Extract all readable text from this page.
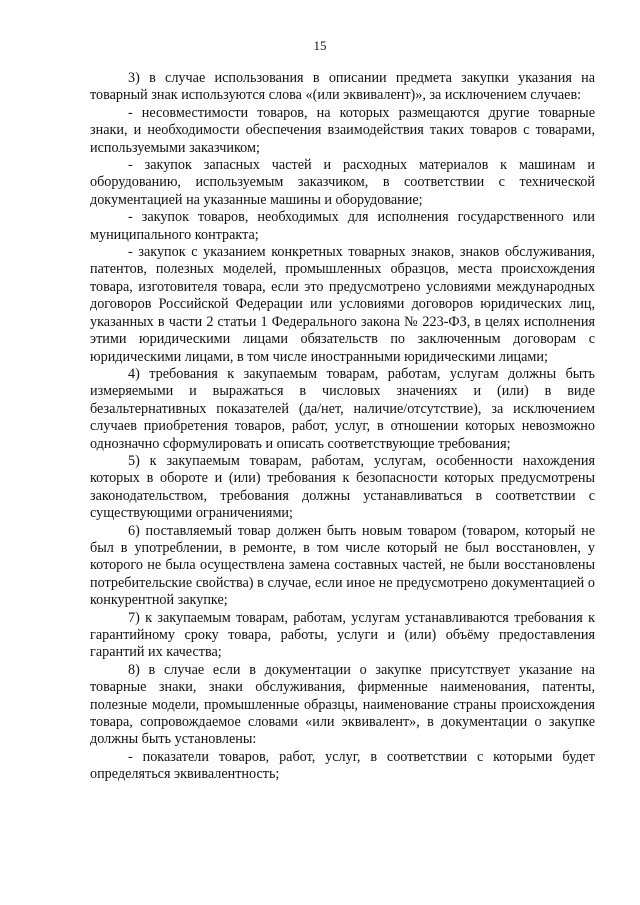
15

3) в случае использования в описании предмета закупки указания на товарный знак используются слова «(или эквивалент)», за исключением случаев:

- несовместимости товаров, на которых размещаются другие товарные знаки, и необходимости обеспечения взаимодействия таких товаров с товарами, используемыми заказчиком;

- закупок запасных частей и расходных материалов к машинам и оборудованию, используемым заказчиком, в соответствии с технической документацией на указанные машины и оборудование;

- закупок товаров, необходимых для исполнения государственного или муниципального контракта;

- закупок с указанием конкретных товарных знаков, знаков обслуживания, патентов, полезных моделей, промышленных образцов, места происхождения товара, изготовителя товара, если это предусмотрено условиями международных договоров Российской Федерации или условиями договоров юридических лиц, указанных в части 2 статьи 1 Федерального закона № 223-ФЗ, в целях исполнения этими юридическими лицами обязательств по заключенным договорам с юридическими лицами, в том числе иностранными юридическими лицами;

4) требования к закупаемым товарам, работам, услугам должны быть измеряемыми и выражаться в числовых значениях и (или) в виде безальтернативных показателей (да/нет, наличие/отсутствие), за исключением случаев приобретения товаров, работ, услуг, в отношении которых невозможно однозначно сформулировать и описать соответствующие требования;

5) к закупаемым товарам, работам, услугам, особенности нахождения которых в обороте и (или) требования к безопасности которых предусмотрены законодательством, требования должны устанавливаться в соответствии с существующими ограничениями;

6) поставляемый товар должен быть новым товаром (товаром, который не был в употреблении, в ремонте, в том числе который не был восстановлен, у которого не была осуществлена замена составных частей, не были восстановлены потребительские свойства) в случае, если иное не предусмотрено документацией о конкурентной закупке;

7) к закупаемым товарам, работам, услугам устанавливаются требования к гарантийному сроку товара, работы, услуги и (или) объёму предоставления гарантий их качества;

8) в случае если в документации о закупке присутствует указание на товарные знаки, знаки обслуживания, фирменные наименования, патенты, полезные модели, промышленные образцы, наименование страны происхождения товара, сопровождаемое словами «или эквивалент», в документации о закупке должны быть установлены:

- показатели товаров, работ, услуг, в соответствии с которыми будет определяться эквивалентность;
